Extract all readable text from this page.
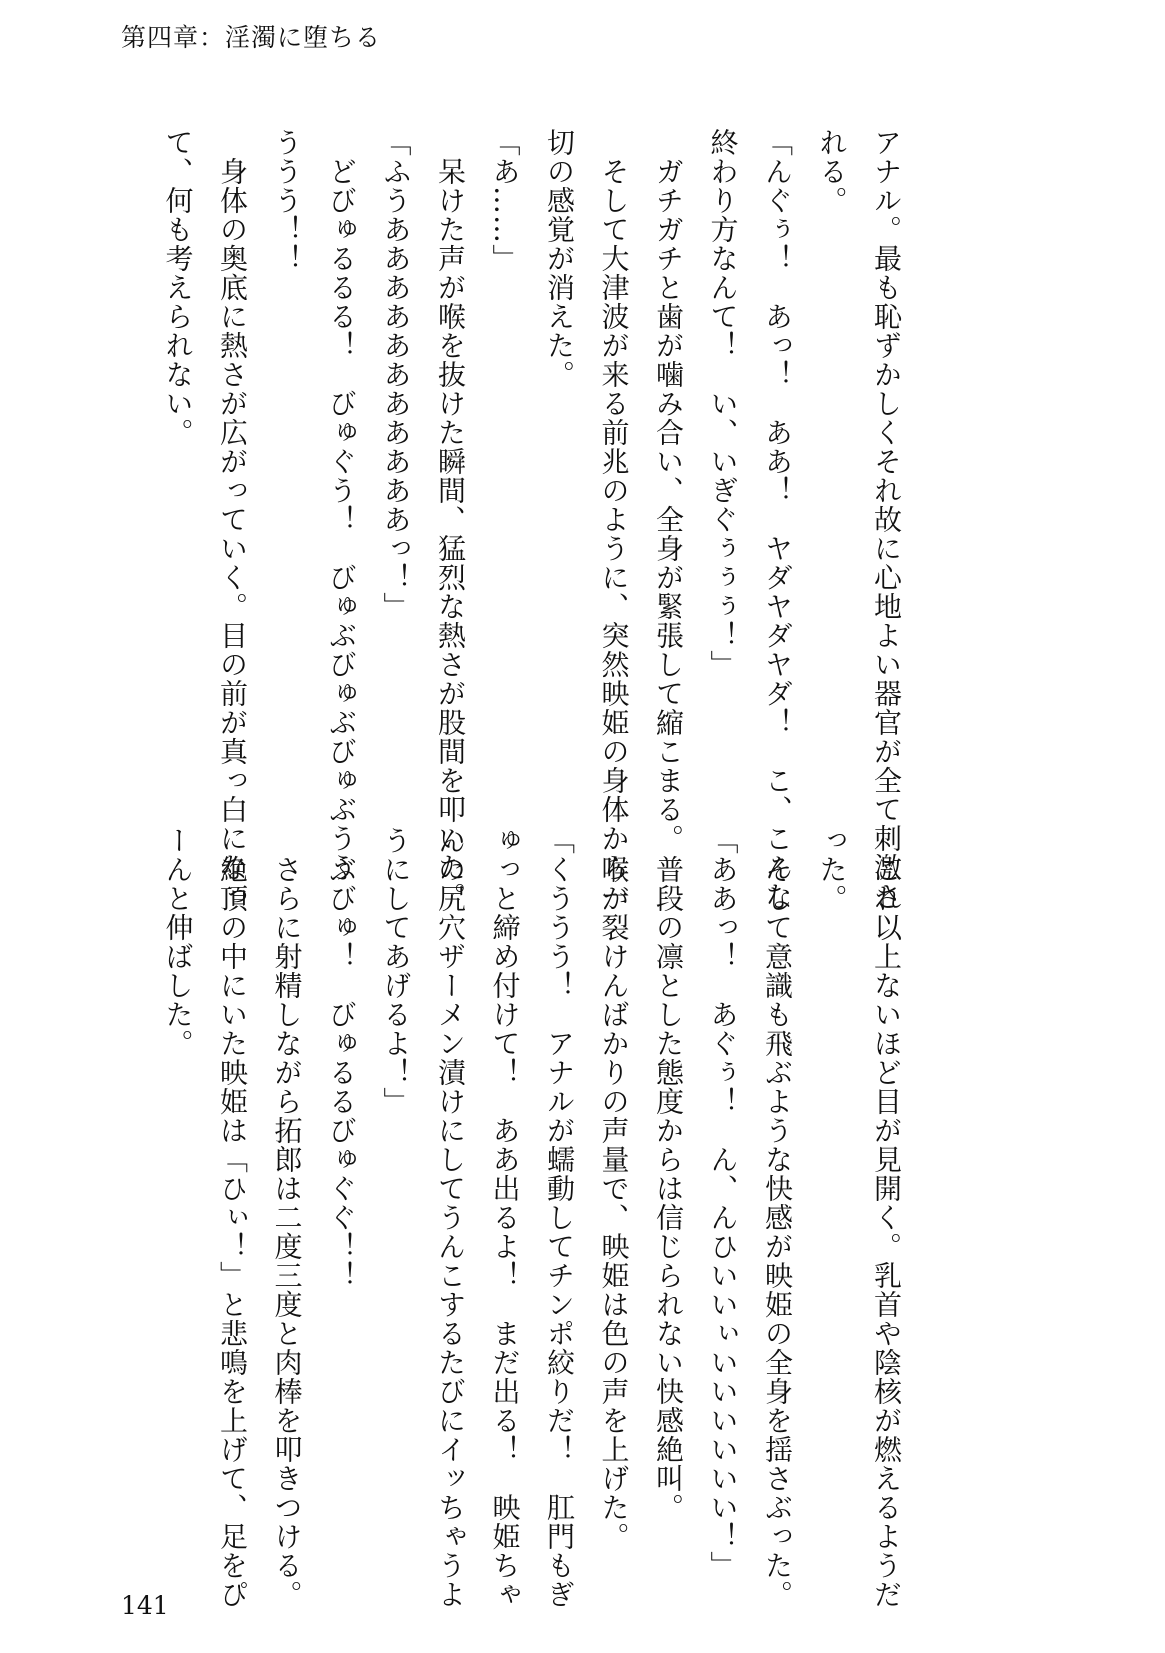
第四章：淫濁に堕ちる
アナル。最も恥ずかしくそれ故に心地よい器官が全て刺激さ
れる。
「んぐぅ！　あっ！　ああ！　ヤダヤダヤダ！　こ、こんな
終わり方なんて！　い、いぎぐぅぅぅ！」
　ガチガチと歯が噛み合い、全身が緊張して縮こまる。
　そして大津波が来る前兆のように、突然映姫の身体から一
切の感覚が消えた。
「あ……」
　呆けた声が喉を抜けた瞬間、猛烈な熱さが股間を叩いた。
「ふうあああああああああああっ！」
　どびゅるるる！　びゅぐう！　びゅぶびゅぶびゅぶうう
ううう！！
　身体の奥底に熱さが広がっていく。目の前が真っ白になっ
て、何も考えられない。
　これ以上ないほど目が見開く。乳首や陰核が燃えるようだ
った。
　そして意識も飛ぶような快感が映姫の全身を揺さぶった。
「ああっ！　あぐぅ！　ん、んひいいぃいいいいいい！」
　普段の凛とした態度からは信じられない快感絶叫。
　喉が裂けんばかりの声量で、映姫は色の声を上げた。
「くううう！　アナルが蠕動してチンポ絞りだ！　肛門もぎ
ゅっと締め付けて！　ああ出るよ！　まだ出る！　映姫ちゃ
んの尻穴ザーメン漬けにしてうんこするたびにイッちゃうよ
うにしてあげるよ！」
　ぶびゅ！　びゅるるびゅぐぐ！！
　さらに射精しながら拓郎は二度三度と肉棒を叩きつける。
　絶頂の中にいた映姫は「ひぃ！」と悲鳴を上げて、足をぴ
ーんと伸ばした。
141
